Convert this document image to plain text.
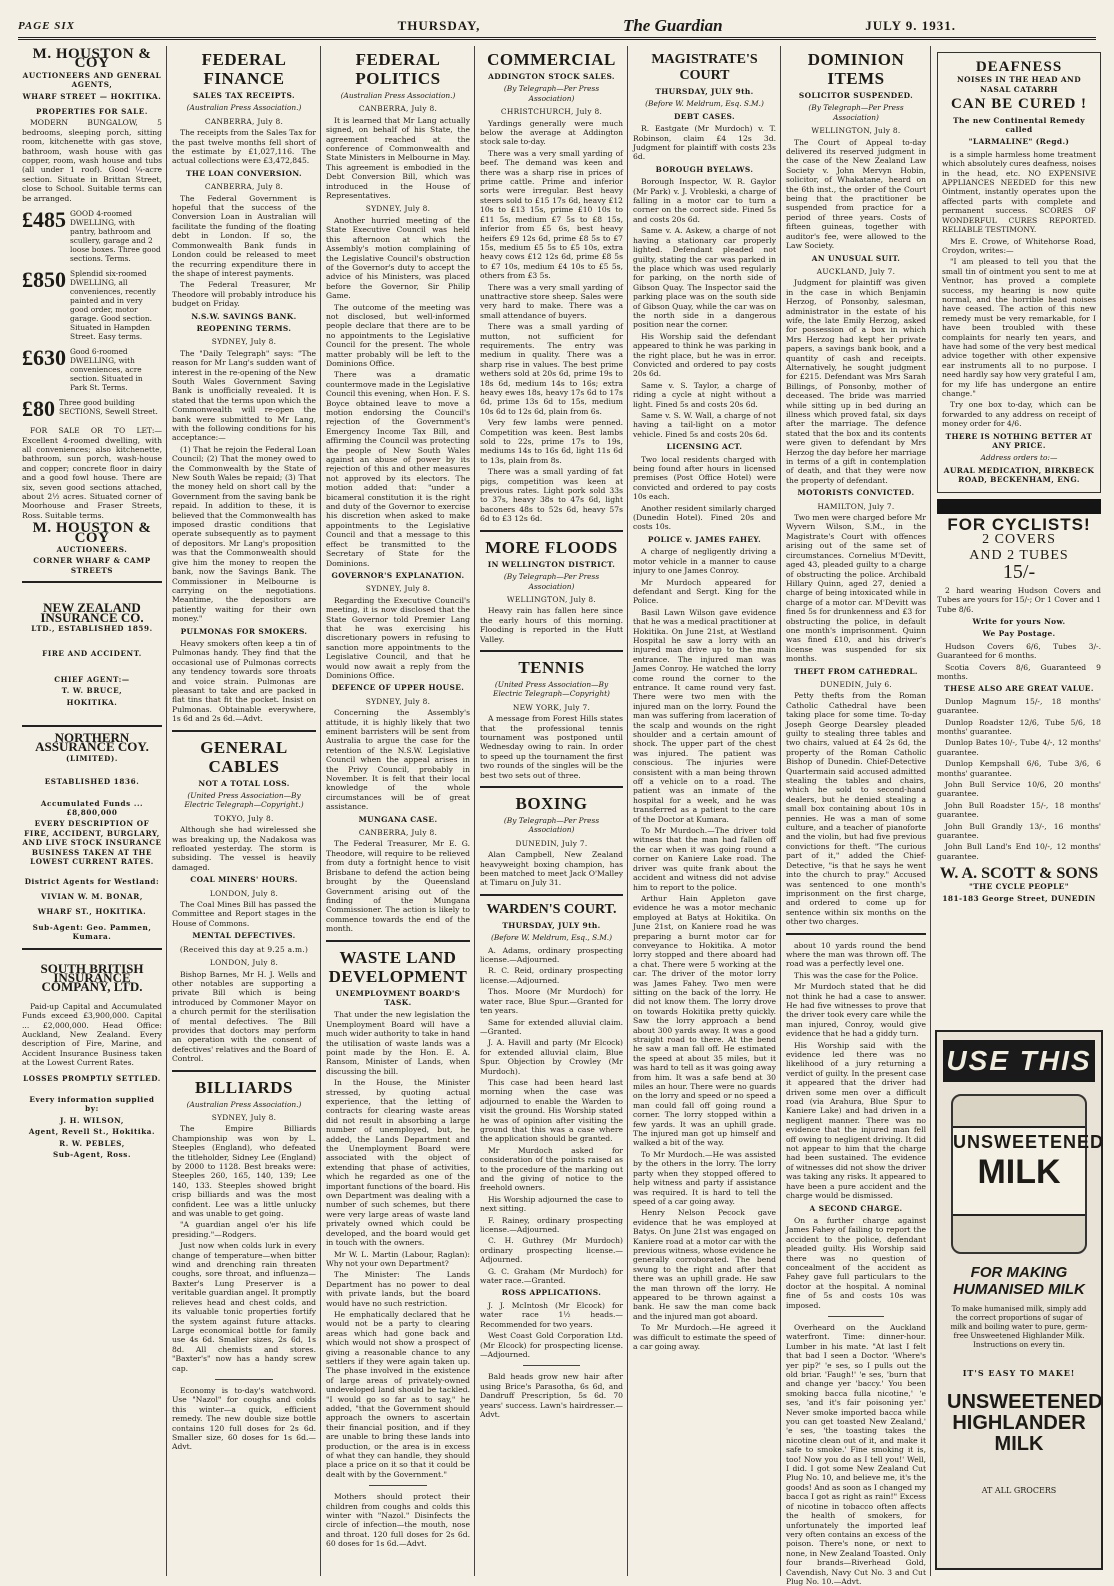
PAGE SIX	THURSDAY,	The Guardian	JULY 9. 1931.
M. HOUSTON & COY
AUCTIONEERS AND GENERAL AGENTS,
WHARF STREET — HOKITIKA.
PROPERTIES FOR SALE.
MODERN BUNGALOW, 5 bedrooms, sleeping porch, sitting room, kitchenette with gas stove, bathroom, wash house with gas copper, room, wash house and tubs (all under 1 roof). Good ¼-acre section. Situate in Brittan Street, close to School. Suitable terms can be arranged.
£485 GOOD 4-roomed DWELLING, with pantry, bathroom and scullery, garage and 2 loose boxes. Three good sections. Terms.
£850 Splendid six-roomed DWELLING, all conveniences, recently painted and in very good order, motor garage. Good section. Situated in Hampden Street. Easy terms.
£630 Good 6-roomed DWELLING, with conveniences, acre section. Situated in Park St. Terms.
£80 Three good building SECTIONS, Sewell Street.
FOR SALE OR TO LET:—Excellent 4-roomed dwelling, with all conveniences; also kitchenette, bathroom, sun porch, wash-house and copper; concrete floor in dairy and a good fowl house. There are six, seven good sections attached, about 2½ acres. Situated corner of Moorhouse and Fraser Streets, Ross. Suitable terms.
M. HOUSTON & COY
AUCTIONEERS.
CORNER WHARF & CAMP STREETS
NEW ZEALAND INSURANCE CO.
LTD., ESTABLISHED 1859.
FIRE AND ACCIDENT.
CHIEF AGENT:—
T. W. BRUCE,
HOKITIKA.
NORTHERN ASSURANCE COY.
(LIMITED).
ESTABLISHED 1836.
Accumulated Funds ... £8,800,000
EVERY DESCRIPTION OF FIRE, ACCIDENT, BURGLARY, AND LIVE STOCK INSURANCE BUSINESS TAKEN AT THE LOWEST CURRENT RATES.
District Agents for Westland:
VIVIAN W. M. BONAR,
WHARF ST., HOKITIKA.
Sub-Agent: Geo. Pammen, Kumara.
SOUTH BRITISH INSURANCE COMPANY, LTD.
Paid-up Capital and Accumulated Funds exceed £3,900,000. Capital ... £2,000,000. Head Office: Auckland, New Zealand. Every description of Fire, Marine, and Accident Insurance Business taken at the Lowest Current Rates.
LOSSES PROMPTLY SETTLED.
Every information supplied by:
J. H. WILSON,
Agent, Revell St., Hokitika.
R. W. PEBLES,
Sub-Agent, Ross.
FEDERAL FINANCE
SALES TAX RECEIPTS.
(Australian Press Association.)
CANBERRA, July 8.
The receipts from the Sales Tax for the past twelve months fell short of the estimate by £1,027,116. The actual collections were £3,472,845.
THE LOAN CONVERSION.
CANBERRA, July 8.
The Federal Government is hopeful that the success of the Conversion Loan in Australian will facilitate the funding of the floating debt in London. If so, the Commonwealth Bank funds in London could be released to meet the recurring expenditure there in the shape of interest payments.
The Federal Treasurer, Mr Theodore will probably introduce his budget on Friday.
N.S.W. SAVINGS BANK.
REOPENING TERMS.
SYDNEY, July 8.
The "Daily Telegraph" says: "The reason for Mr Lang's sudden want of interest in the re-opening of the New South Wales Government Saving Bank is unofficially revealed. It is stated that the terms upon which the Commonwealth will re-open the bank were submitted to Mr Lang, with the following conditions for his acceptance:—
(1) That he rejoin the Federal Loan Council; (2) That the money owed to the Commonwealth by the State of New South Wales be repaid; (3) That the money held on short call by the Government from the saving bank be repaid. In addition to these, it is believed that the Commonwealth has imposed drastic conditions that operate subsequently as to payment of depositors. Mr Lang's proposition was that the Commonwealth should give him the money to reopen the bank, now the Savings Bank. The Commissioner in Melbourne is carrying on the negotiations. Meantime, the depositors are patiently waiting for their own money."
PULMONAS FOR SMOKERS.
Heavy smokers often keep a tin of Pulmonas handy. They find that the occasional use of Pulmonas corrects any tendency towards sore throats and voice strain. Pulmonas are pleasant to take and are packed in flat tins that fit the pocket. Insist on Pulmonas. Obtainable everywhere, 1s 6d and 2s 6d.—Advt.
GENERAL CABLES
NOT A TOTAL LOSS.
(United Press Association—By Electric Telegraph—Copyright.)
TOKYO, July 8.
Although she had wirelessed she was breaking up, the Nadakosa was refloated yesterday. The storm is subsiding. The vessel is heavily damaged.
COAL MINERS' HOURS.
LONDON, July 8.
The Coal Mines Bill has passed the Committee and Report stages in the House of Commons.
MENTAL DEFECTIVES.
(Received this day at 9.25 a.m.)
LONDON, July 8.
Bishop Barnes, Mr H. J. Wells and other notables are supporting a private Bill which is being introduced by Commoner Mayor on a church permit for the sterilisation of mental defectives. The Bill provides that doctors may perform an operation with the consent of defectives' relatives and the Board of Control.
BILLIARDS
(Australian Press Association.)
SYDNEY, July 8.
The Empire Billiards Championship was won by L. Steeples (England), who defeated the titleholder, Sidney Lee (England) by 2000 to 1128. Best breaks were: Steeples 260, 165, 140, 139; Lee 140, 133. Steeples showed bright crisp billiards and was the most confident. Lee was a little unlucky and was unable to get going.
"A guardian angel o'er his life presiding."—Rodgers.
Just now when colds lurk in every change of temperature—when bitter wind and drenching rain threaten coughs, sore throat, and influenza—Baxter's Lung Preserver is a veritable guardian angel. It promptly relieves head and chest colds, and its valuable tonic properties fortify the system against future attacks. Large economical bottle for family use 4s 6d. Smaller sizes, 2s 6d, 1s 8d. All chemists and stores. "Baxter's" now has a handy screw cap.
Economy is to-day's watchword. Use "Nazol" for coughs and colds this winter—a quick, efficient remedy. The new double size bottle contains 120 full doses for 2s 6d. Smaller size, 60 doses for 1s 6d.—Advt.
FEDERAL POLITICS
(Australian Press Association.)
CANBERRA, July 8.
It is learned that Mr Lang actually signed, on behalf of his State, the agreement reached at the conference of Commonwealth and State Ministers in Melbourne in May. This agreement is embodied in the Debt Conversion Bill, which was introduced in the House of Representatives.
SYDNEY, July 8.
Another hurried meeting of the State Executive Council was held this afternoon at which the Assembly's motion complaining of the Legislative Council's obstruction of the Governor's duty to accept the advice of his Ministers, was placed before the Governor, Sir Philip Game.
The outcome of the meeting was not disclosed, but well-informed people declare that there are to be no appointments to the Legislative Council for the present. The whole matter probably will be left to the Dominions Office.
There was a dramatic countermove made in the Legislative Council this evening, when Hon. F. S. Boyce obtained leave to move a motion endorsing the Council's rejection of the Government's Emergency Income Tax Bill, and affirming the Council was protecting the people of New South Wales against an abuse of power by its rejection of this and other measures not approved by its electors. The motion added that: "under a bicameral constitution it is the right and duty of the Governor to exercise his discretion when asked to make appointments to the Legislative Council and that a message to this effect be transmitted to the Secretary of State for the Dominions.
GOVERNOR'S EXPLANATION.
SYDNEY, July 8.
Regarding the Executive Council's meeting, it is now disclosed that the State Governor told Premier Lang that he was exercising his discretionary powers in refusing to sanction more appointments to the Legislative Council, and that he would now await a reply from the Dominions Office.
DEFENCE OF UPPER HOUSE.
SYDNEY, July 8.
Concerning the Assembly's attitude, it is highly likely that two eminent barristers will be sent from Australia to argue the case for the retention of the N.S.W. Legislative Council when the appeal arises in the Privy Council, probably in November. It is felt that their local knowledge of the whole circumstances will be of great assistance.
MUNGANA CASE.
CANBERRA, July 8.
The Federal Treasurer, Mr E. G. Theodore, will require to be relieved from duty a fortnight hence to visit Brisbane to defend the action being brought by the Queensland Government arising out of the finding of the Mungana Commissioner. The action is likely to commence towards the end of the month.
WASTE LAND DEVELOPMENT
UNEMPLOYMENT BOARD'S TASK.
That under the new legislation the Unemployment Board will have a much wider authority to take in hand the utilisation of waste lands was a point made by the Hon. E. A. Ransom, Minister of Lands, when discussing the bill.
In the House, the Minister stressed, by quoting actual experience, that the letting of contracts for clearing waste areas did not result in absorbing a large number of unemployed, but, he added, the Lands Department and the Unemployment Board were associated with the object of extending that phase of activities, which he regarded as one of the important functions of the board. His own Department was dealing with a number of such schemes, but there were very large areas of waste land privately owned which could be developed, and the board would get in touch with the owners.
Mr W. L. Martin (Labour, Raglan): Why not your own Department?
The Minister: The Lands Department has no power to deal with private lands, but the board would have no such restriction.
He emphatically declared that he would not be a party to clearing areas which had gone back and which would not show a prospect of giving a reasonable chance to any settlers if they were again taken up. The phase involved in the existence of large areas of privately-owned undeveloped land should be tackled. "I would go so far as to say," he added, "that the Government should approach the owners to ascertain their financial position, and if they are unable to bring these lands into production, or the area is in excess of what they can handle, they should place a price on it so that it could be dealt with by the Government."
Mothers should protect their children from coughs and colds this winter with "Nazol." Disinfects the circle of infection—the mouth, nose and throat. 120 full doses for 2s 6d. 60 doses for 1s 6d.—Advt.
COMMERCIAL
ADDINGTON STOCK SALES.
(By Telegraph—Per Press Association)
CHRISTCHURCH, July 8.
Yardings generally were much below the average at Addington stock sale to-day.
There was a very small yarding of beef. The demand was keen and there was a sharp rise in prices of prime cattle. Prime and inferior sorts were irregular. Best heavy steers sold to £15 17s 6d, heavy £12 10s to £13 15s, prime £10 10s to £11 5s, medium £7 5s to £8 15s, inferior from £5 6s, best heavy heifers £9 12s 6d, prime £8 5s to £7 15s, medium £5 5s to £5 10s, extra heavy cows £12 12s 6d, prime £8 5s to £7 10s, medium £4 10s to £5 5s, others from £3 5s.
There was a very small yarding of unattractive store sheep. Sales were very hard to make. There was a small attendance of buyers.
There was a small yarding of mutton, not sufficient for requirements. The entry was medium in quality. There was a sharp rise in values. The best prime wethers sold at 20s 6d, prime 19s to 18s 6d, medium 14s to 16s; extra heavy ewes 18s, heavy 17s 6d to 17s 6d, prime 13s 6d to 15s, medium 10s 6d to 12s 6d, plain from 6s.
Very few lambs were penned. Competition was keen. Best lambs sold to 22s, prime 17s to 19s, mediums 14s to 16s 6d, light 11s 6d to 13s, plain from 8s.
There was a small yarding of fat pigs, competition was keen at previous rates. Light pork sold 33s to 37s, heavy 38s to 47s 6d, light baconers 48s to 52s 6d, heavy 57s 6d to £3 12s 6d.
MORE FLOODS
IN WELLINGTON DISTRICT.
(By Telegraph—Per Press Association)
WELLINGTON, July 8.
Heavy rain has fallen here since the early hours of this morning. Flooding is reported in the Hutt Valley.
TENNIS
(United Press Association—By Electric Telegraph—Copyright)
NEW YORK, July 7.
A message from Forest Hills states that the professional tennis tournament was postponed until Wednesday owing to rain. In order to speed up the tournament the first two rounds of the singles will be the best two sets out of three.
BOXING
(By Telegraph—Per Press Association)
DUNEDIN, July 7.
Alan Campbell, New Zealand heavyweight boxing champion, has been matched to meet Jack O'Malley at Timaru on July 31.
WARDEN'S COURT.
THURSDAY, JULY 9th.
(Before W. Meldrum, Esq., S.M.)
A. Adams, ordinary prospecting license.—Adjourned.
R. C. Reid, ordinary prospecting license.—Adjourned.
Thos. Moore (Mr Murdoch) for water race, Blue Spur.—Granted for ten years.
Same for extended alluvial claim.—Granted.
J. A. Havill and party (Mr Elcock) for extended alluvial claim, Blue Spur. Objection by Crowley (Mr Murdoch).
This case had been heard last morning when the case was adjourned to enable the Warden to visit the ground. His Worship stated he was of opinion after visiting the ground that this was a case where the application should be granted.
Mr Murdoch asked for consideration of the points raised as to the procedure of the marking out and the giving of notice to the freehold owners.
His Worship adjourned the case to next sitting.
F. Rainey, ordinary prospecting license.—Adjourned.
C. H. Guthrey (Mr Murdoch) ordinary prospecting license.—Adjourned.
G. C. Graham (Mr Murdoch) for water race.—Granted.
ROSS APPLICATIONS.
J. J. McIntosh (Mr Elcock) for water race 1½ heads.—Recommended for two years.
West Coast Gold Corporation Ltd. (Mr Elcock) for prospecting license.—Adjourned.
Bald heads grow new hair after using Brice's Parasotha, 6s 6d, and Dandruff Prescription, 5s 6d. 70 years' success. Lawn's hairdresser.—Advt.
MAGISTRATE'S COURT
THURSDAY, JULY 9th.
(Before W. Meldrum, Esq. S.M.)
DEBT CASES.
R. Eastgate (Mr Murdoch) v. T. Robinson, claim £4 12s 3d. Judgment for plaintiff with costs 23s 6d.
BOROUGH BYELAWS.
Borough Inspector, W. R. Gaylor (Mr Park) v. J. Vrobleski, a charge of falling in a motor car to turn a corner on the correct side. Fined 5s and costs 20s 6d.
Same v. A. Askew, a charge of not having a stationary car properly lighted. Defendant pleaded not guilty, stating the car was parked in the place which was used regularly for parking, on the north side of Gibson Quay. The Inspector said the parking place was on the south side of Gibson Quay, while the car was on the north side in a dangerous position near the corner.
His Worship said the defendant appeared to think he was parking in the right place, but he was in error. Convicted and ordered to pay costs 20s 6d.
Same v. S. Taylor, a charge of riding a cycle at night without a light. Fined 5s and costs 20s 6d.
Same v. S. W. Wall, a charge of not having a tail-light on a motor vehicle. Fined 5s and costs 20s 6d.
LICENSING ACT.
Two local residents charged with being found after hours in licensed premises (Post Office Hotel) were convicted and ordered to pay costs 10s each.
Another resident similarly charged (Dunedin Hotel). Fined 20s and costs 10s.
POLICE v. JAMES FAHEY.
A charge of negligently driving a motor vehicle in a manner to cause injury to one James Conroy.
Mr Murdoch appeared for defendant and Sergt. King for the Police.
Basil Lawn Wilson gave evidence that he was a medical practitioner at Hokitika. On June 21st, at Westland Hospital he saw a lorry with an injured man drive up to the main entrance. The injured man was James Conroy. He watched the lorry come round the corner to the entrance. It came round very fast. There were two men with the injured man on the lorry. Found the man was suffering from laceration of the scalp and wounds on the right shoulder and a certain amount of shock. The upper part of the chest was injured. The patient was conscious. The injuries were consistent with a man being thrown off a vehicle on to a road. The patient was an inmate of the hospital for a week, and he was transferred as a patient to the care of the Doctor at Kumara.
To Mr Murdoch.—The driver told witness that the man had fallen off the car when it was going round a corner on Kaniere Lake road. The driver was quite frank about the accident and witness did not advise him to report to the police.
Arthur Hain Appleton gave evidence he was a motor mechanic employed at Batys at Hokitika. On June 21st, on Kaniere road he was preparing a burnt motor car for conveyance to Hokitika. A motor lorry stopped and there aboard had a chat. There were 5 working at the car. The driver of the motor lorry was James Fahey. Two men were sitting on the back of the lorry. He did not know them. The lorry drove on towards Hokitika pretty quickly. Saw the lorry approach a bend about 300 yards away. It was a good straight road to there. At the bend he saw a man fall off. He estimated the speed at about 35 miles, but it was hard to tell as it was going away from him. It was a safe bend at 30 miles an hour. There were no guards on the lorry and speed or no speed a man could fall off going round a corner. The lorry stopped within a few yards. It was an uphill grade. The injured man got up himself and walked a bit of the way.
To Mr Murdoch.—He was assisted by the others in the lorry. The lorry party when they stopped offered to help witness and party if assistance was required. It is hard to tell the speed of a car going away.
Henry Nelson Pecock gave evidence that he was employed at Batys. On June 21st was engaged on Kaniere road at a motor car with the previous witness, whose evidence he generally corroborated. The bend swung to the right and after that there was an uphill grade. He saw the man thrown off the lorry. He appeared to be thrown against a bank. He saw the man come back and the injured man got aboard.
To Mr Murdoch.—He agreed it was difficult to estimate the speed of a car going away.
DOMINION ITEMS
SOLICITOR SUSPENDED.
(By Telegraph—Per Press Association)
WELLINGTON, July 8.
The Court of Appeal to-day delivered its reserved judgment in the case of the New Zealand Law Society v. John Mervyn Hobin, solicitor, of Whakatane, heard on the 6th inst., the order of the Court being that the practitioner be suspended from practice for a period of three years. Costs of fifteen guineas, together with auditor's fee, were allowed to the Law Society.
AN UNUSUAL SUIT.
AUCKLAND, July 7.
Judgment for plaintiff was given in the case in which Benjamin Herzog, of Ponsonby, salesman, administrator in the estate of his wife, the late Emily Herzog, asked for possession of a box in which Mrs Herzog had kept her private papers, a savings bank book, and a quantity of cash and receipts. Alternatively, he sought judgment for £215. Defendant was Mrs Sarah Billings, of Ponsonby, mother of deceased. The bride was married while sitting up in bed during an illness which proved fatal, six days after the marriage. The defence stated that the box and its contents were given to defendant by Mrs Herzog the day before her marriage in terms of a gift in contemplation of death, and that they were now the property of defendant.
MOTORISTS CONVICTED.
HAMILTON, July 7.
Two men were charged before Mr Wyvern Wilson, S.M., in the Magistrate's Court with offences arising out of the same set of circumstances. Cornelius M'Devitt, aged 43, pleaded guilty to a charge of obstructing the police. Archibald Hillary Quinn, aged 27, denied a charge of being intoxicated while in charge of a motor car. M'Devitt was fined 5s for drunkenness and £3 for obstructing the police, in default one month's imprisonment. Quinn was fined £10, and his driver's license was suspended for six months.
THEFT FROM CATHEDRAL.
DUNEDIN, July 6.
Petty thefts from the Roman Catholic Cathedral have been taking place for some time. To-day Joseph George Dearsley pleaded guilty to stealing three tables and two chairs, valued at £4 2s 6d, the property of the Roman Catholic Bishop of Dunedin. Chief-Detective Quartermain said accused admitted stealing the tables and chairs, which he sold to second-hand dealers, but he denied stealing a small box containing about 10s in pennies. He was a man of some culture, and a teacher of pianoforte and the violin, but had five previous convictions for theft. "The curious part of it," added the Chief-Detective, "is that he says he went into the church to pray." Accused was sentenced to one month's imprisonment on the first charge, and ordered to come up for sentence within six months on the other two charges.
about 10 yards round the bend where the man was thrown off. The road was a perfectly level one.
This was the case for the Police.
Mr Murdoch stated that he did not think he had a case to answer. He had five witnesses to prove that the driver took every care while the man injured, Conroy, would give evidence that he had a giddy turn.
His Worship said with the evidence led there was no likelihood of a jury returning a verdict of guilty. In the present case it appeared that the driver had driven some men over a difficult road (via Arahura, Blue Spur to Kaniere Lake) and had driven in a negligent manner. There was no evidence that the injured man fell off owing to negligent driving. It did not appear to him that the charge had been sustained. The evidence of witnesses did not show the driver was taking any risks. It appeared to have been a pure accident and the charge would be dismissed.
A SECOND CHARGE.
On a further charge against James Fahey of failing to report the accident to the police, defendant pleaded guilty. His Worship said there was no question of concealment of the accident as Fahey gave full particulars to the doctor at the hospital. A nominal fine of 5s and costs 10s was imposed.
Overheard on the Auckland waterfront. Time: dinner-hour. Lumber in his mate. "At last I felt that bad I seen a Doctor. 'Where's yer pip?' 'e ses, so I pulls out the old briar. 'Faugh!' 'e ses, 'burn that and change yer 'baccy.' You been smoking bacca fulla nicotine,' 'e ses, 'and it's fair poisoning yer.' Never smoke imported bacca while you can get toasted New Zealand,' 'e ses, 'the toasting takes the nicotine clean out of it, and make it safe to smoke.' Fine smoking it is, too! Now you do as I tell you!' Well, I did. I got some New Zealand Cut Plug No. 10, and believe me, it's the goods! And as soon as I changed my bacca I got as right as rain!" Excess of nicotine in tobacco often affects the health of smokers, for unfortunately the imported leaf very often contains an excess of the poison. There's none, or next to none, in New Zealand Toasted. Only four brands—Riverhead Gold, Cavendish, Navy Cut No. 3 and Cut Plug No. 10.—Advt.
DEAFNESS
NOISES IN THE HEAD AND NASAL CATARRH
CAN BE CURED !
The new Continental Remedy called
"LARMALINE" (Regd.)
is a simple harmless home treatment which absolutely cures deafness, noises in the head, etc. NO EXPENSIVE APPLIANCES NEEDED for this new Ointment, instantly operates upon the affected parts with complete and permanent success. SCORES OF WONDERFUL CURES REPORTED. RELIABLE TESTIMONY.
Mrs E. Crowe, of Whitehorse Road, Croydon, writes:—
"I am pleased to tell you that the small tin of ointment you sent to me at Ventnor, has proved a complete success, my hearing is now quite normal, and the horrible head noises have ceased. The action of this new remedy must be very remarkable, for I have been troubled with these complaints for nearly ten years, and have had some of the very best medical advice together with other expensive ear instruments all to no purpose. I need hardly say how very grateful I am, for my life has undergone an entire change."
Try one box to-day, which can be forwarded to any address on receipt of money order for 4/6.
THERE IS NOTHING BETTER AT ANY PRICE.
Address orders to:—
AURAL MEDICATION, BIRKBECK ROAD, BECKENHAM, ENG.

FOR CYCLISTS!
2 COVERS
AND 2 TUBES
15/-
2 hard wearing Hudson Covers and Tubes are yours for 15/-; Or 1 Cover and 1 Tube 8/6.
Write for yours Now.
We Pay Postage.
Hudson Covers 6/6, Tubes 3/-. Guaranteed for 6 months.
Scotia Covers 8/6, Guaranteed 9 months.
THESE ALSO ARE GREAT VALUE.
Dunlop Magnum 15/-, 18 months' guarantee.
Dunlop Roadster 12/6, Tube 5/6, 18 months' guarantee.
Dunlop Bates 10/-, Tube 4/-, 12 months' guarantee.
Dunlop Kempshall 6/6, Tube 3/6, 6 months' guarantee.
John Bull Service 10/6, 20 months' guarantee.
John Bull Roadster 15/-, 18 months' guarantee.
John Bull Grandly 13/-, 16 months' guarantee.
John Bull Land's End 10/-, 12 months' guarantee.
W. A. SCOTT & SONS
"THE CYCLE PEOPLE"
181-183 George Street, DUNEDIN
USE THIS
UNSWEETENED
MILK
FOR MAKING HUMANISED MILK
To make humanised milk, simply add the correct proportions of sugar of milk and boiling water to pure, germ-free Unsweetened Highlander Milk. Instructions on every tin.
IT'S EASY TO MAKE!
UNSWEETENED
HIGHLANDER
MILK
AT ALL GROCERS
